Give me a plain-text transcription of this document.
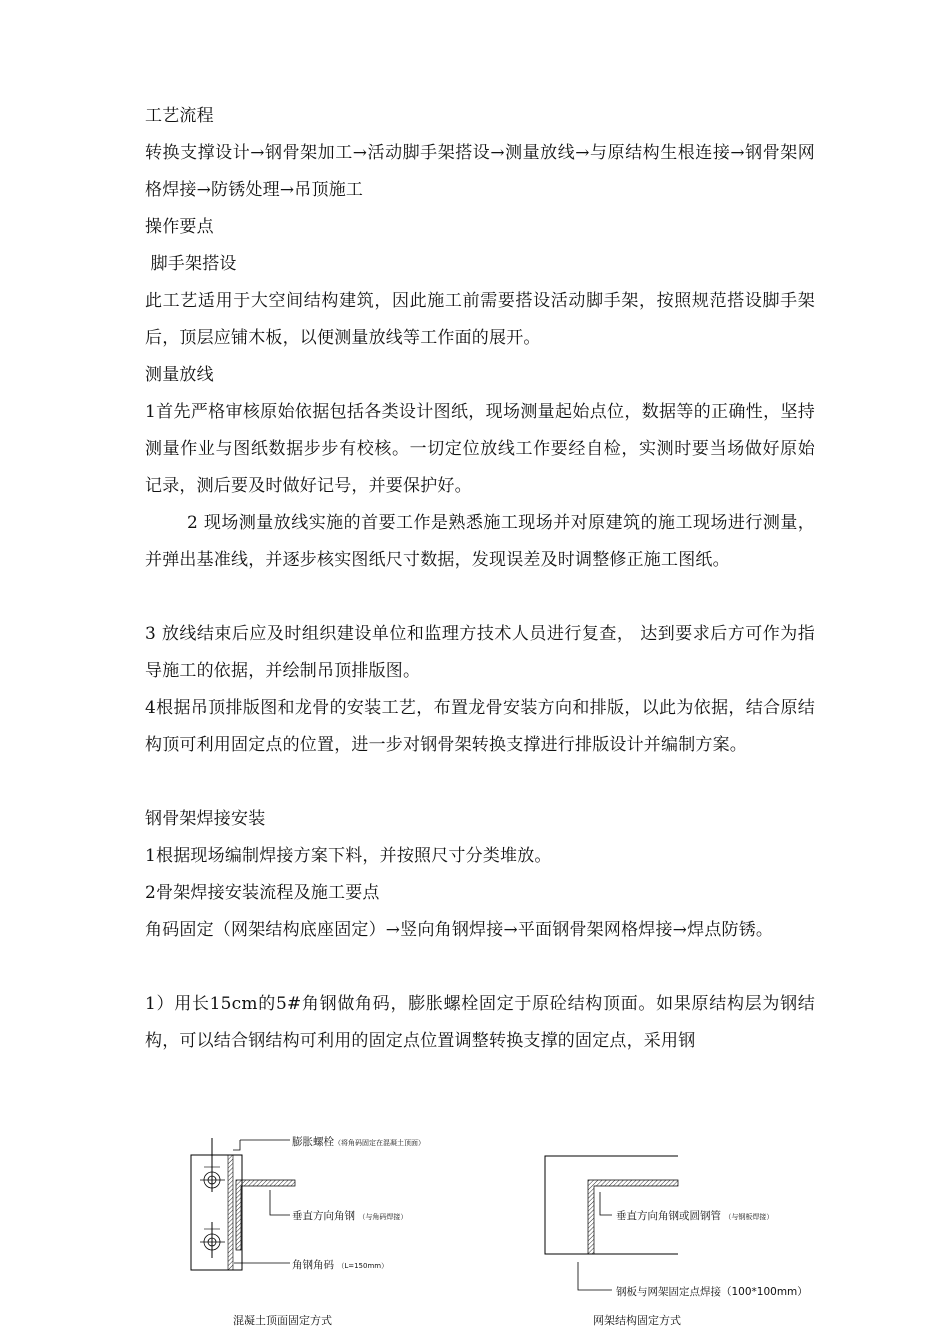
工艺流程

转换支撑设计→钢骨架加工→活动脚手架搭设→测量放线→与原结构生根连接→钢骨架网格焊接→防锈处理→吊顶施工

操作要点

脚手架搭设

此工艺适用于大空间结构建筑，因此施工前需要搭设活动脚手架，按照规范搭设脚手架后，顶层应铺木板，以便测量放线等工作面的展开。

测量放线

1首先严格审核原始依据包括各类设计图纸，现场测量起始点位，数据等的正确性，坚持测量作业与图纸数据步步有校核。一切定位放线工作要经自检，实测时要当场做好原始记录，测后要及时做好记号，并要保护好。

2 现场测量放线实施的首要工作是熟悉施工现场并对原建筑的施工现场进行测量，并弹出基准线，并逐步核实图纸尺寸数据，发现误差及时调整修正施工图纸。

3 放线结束后应及时组织建设单位和监理方技术人员进行复查， 达到要求后方可作为指导施工的依据，并绘制吊顶排版图。

4根据吊顶排版图和龙骨的安装工艺，布置龙骨安装方向和排版，以此为依据，结合原结构顶可利用固定点的位置，进一步对钢骨架转换支撑进行排版设计并编制方案。

钢骨架焊接安装

1根据现场编制焊接方案下料，并按照尺寸分类堆放。

2骨架焊接安装流程及施工要点

角码固定（网架结构底座固定）→竖向角钢焊接→平面钢骨架网格焊接→焊点防锈。

1）用长15cm的5#角钢做角码，膨胀螺栓固定于原砼结构顶面。如果原结构层为钢结构，可以结合钢结构可利用的固定点位置调整转换支撑的固定点，采用钢

膨胀螺栓（将角码固定在混凝土顶面）
垂直方向角钢 （与角码焊接）
角钢角码 （L=150mm）
混凝土顶面固定方式
垂直方向角钢或圆钢管 （与钢板焊接）
钢板与网架固定点焊接（100*100mm）
网架结构固定方式
